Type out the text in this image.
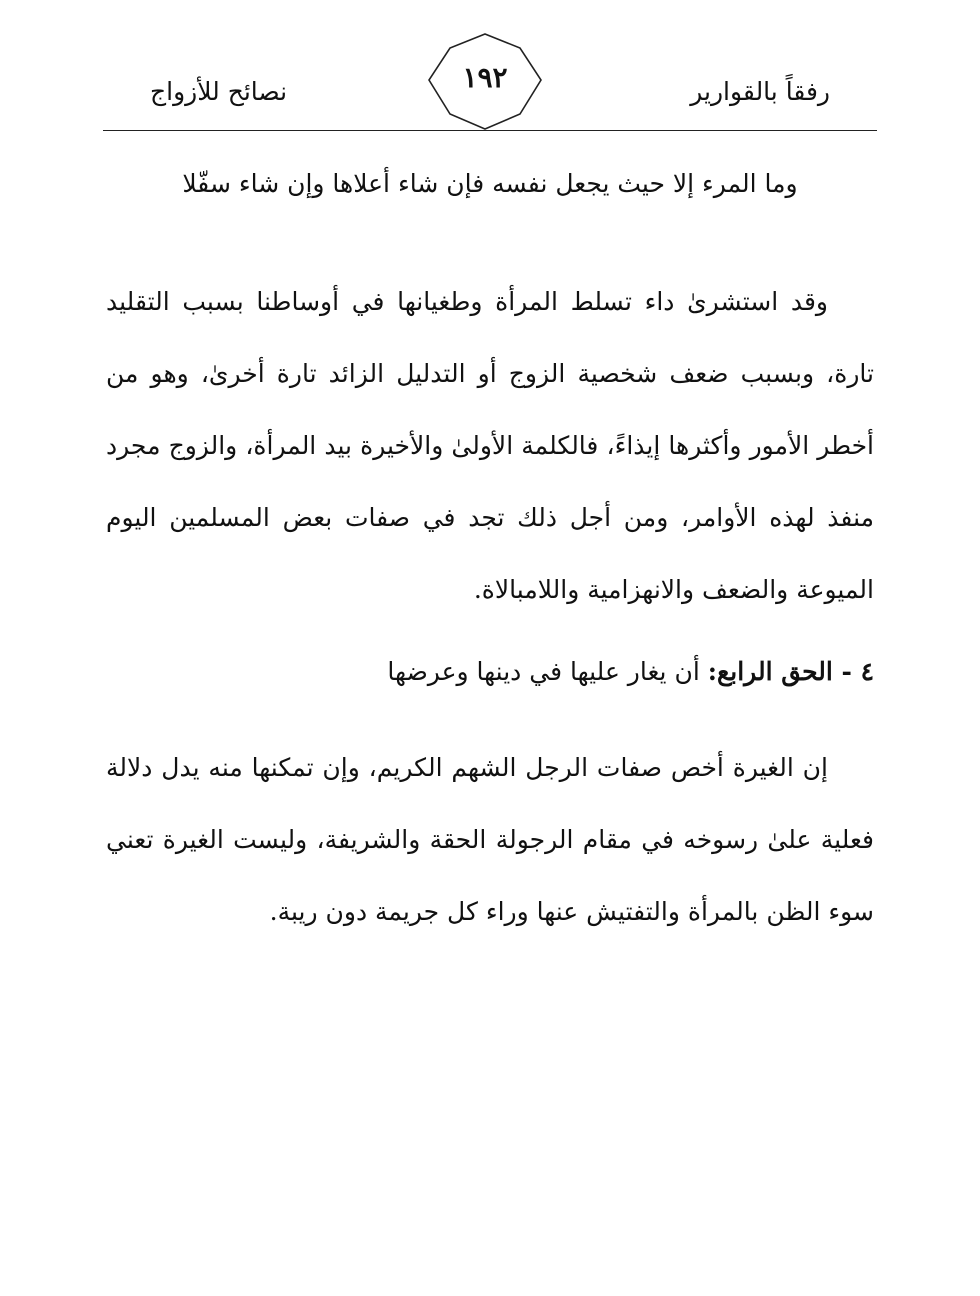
رفقاً بالقوارير
١٩٢
نصائح للأزواج

وما المرء إلا حيث يجعل نفسه فإن شاء أعلاها وإن شاء سفّلا

وقد استشرىٰ داء تسلط المرأة وطغيانها في أوساطنا بسبب التقليد تارة، وبسبب ضعف شخصية الزوج أو التدليل الزائد تارة أخرىٰ، وهو من أخطر الأمور وأكثرها إيذاءً، فالكلمة الأولىٰ والأخيرة بيد المرأة، والزوج مجرد منفذ لهذه الأوامر، ومن أجل ذلك تجد في صفات بعض المسلمين اليوم الميوعة والضعف والانهزامية واللامبالاة.

٤ - الحق الرابع: أن يغار عليها في دينها وعرضها

إن الغيرة أخص صفات الرجل الشهم الكريم، وإن تمكنها منه يدل دلالة فعلية علىٰ رسوخه في مقام الرجولة الحقة والشريفة، وليست الغيرة تعني سوء الظن بالمرأة والتفتيش عنها وراء كل جريمة دون ريبة.
